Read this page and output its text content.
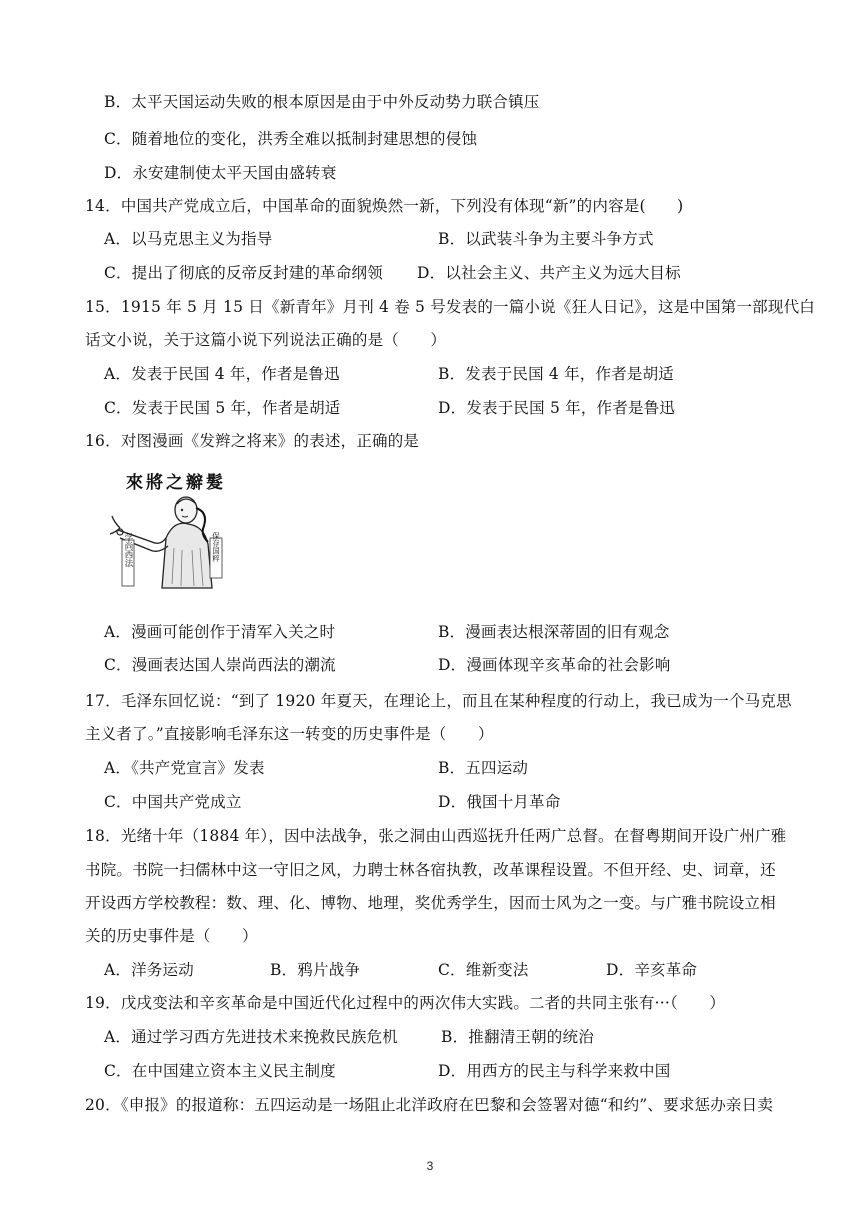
B．太平天国运动失败的根本原因是由于中外反动势力联合镇压
C．随着地位的变化，洪秀全难以抵制封建思想的侵蚀
D．永安建制使太平天国由盛转衰
14．中国共产党成立后，中国革命的面貌焕然一新，下列没有体现“新”的内容是(　　)
A．以马克思主义为指导	B．以武装斗争为主要斗争方式
C．提出了彻底的反帝反封建的革命纲领 D．以社会主义、共产主义为远大目标
15．1915 年 5 月 15 日《新青年》月刊 4 卷 5 号发表的一篇小说《狂人日记》，这是中国第一部现代白
话文小说，关于这篇小说下列说法正确的是（　　）
A．发表于民国 4 年，作者是鲁迅	B．发表于民国 4 年，作者是胡适
C．发表于民国 5 年，作者是胡适	D．发表于民国 5 年，作者是鲁迅
16．对图漫画《发辫之将来》的表述，正确的是
來將之辮髮
学尚西法	保存国粹
A．漫画可能创作于清军入关之时	B．漫画表达根深蒂固的旧有观念
C．漫画表达国人崇尚西法的潮流	D．漫画体现辛亥革命的社会影响
17．毛泽东回忆说：“到了 1920 年夏天，在理论上，而且在某种程度的行动上，我已成为一个马克思
主义者了。”直接影响毛泽东这一转变的历史事件是（　　）
A．《共产党宣言》发表	B．五四运动
C．中国共产党成立	D．俄国十月革命
18．光绪十年（1884 年），因中法战争，张之洞由山西巡抚升任两广总督。在督粤期间开设广州广雅
书院。书院一扫儒林中这一守旧之风，力聘士林各宿执教，改革课程设置。不但开经、史、词章，还
开设西方学校教程：数、理、化、博物、地理，奖优秀学生，因而士风为之一变。与广雅书院设立相
关的历史事件是（　　）
A．洋务运动	B．鸦片战争	C．维新变法	D．辛亥革命
19．戊戌变法和辛亥革命是中国近代化过程中的两次伟大实践。二者的共同主张有···（　　）
A．通过学习西方先进技术来挽救民族危机	B．推翻清王朝的统治
C．在中国建立资本主义民主制度	D．用西方的民主与科学来救中国
20．《申报》的报道称：五四运动是一场阻止北洋政府在巴黎和会签署对德“和约”、要求惩办亲日卖
3
